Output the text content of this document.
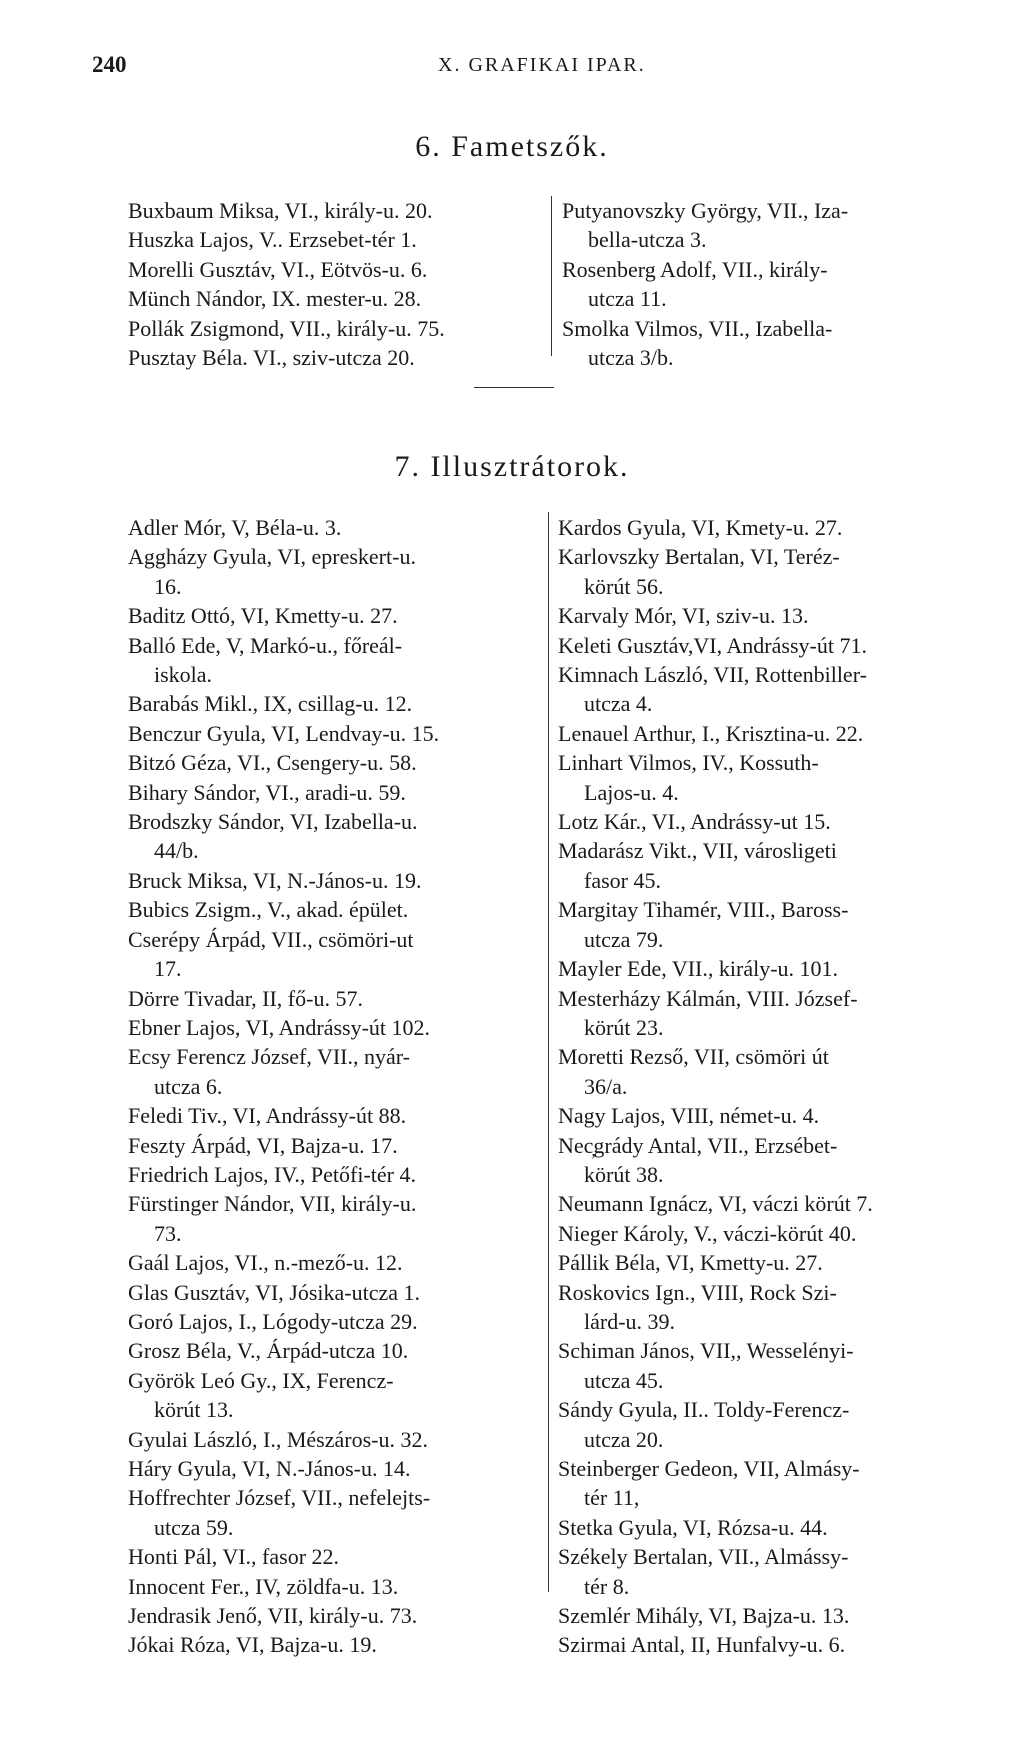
240	X. GRAFIKAI IPAR.
6. Fametszők.
Buxbaum Miksa, VI., király-u. 20.
Huszka Lajos, V.. Erzsebet-tér 1.
Morelli Gusztáv, VI., Eötvös-u. 6.
Münch Nándor, IX. mester-u. 28.
Pollák Zsigmond, VII., király-u. 75.
Pusztay Béla. VI., sziv-utcza 20.
Putyanovszky György, VII., Iza-
bella-utcza 3.
Rosenberg Adolf, VII., király-
utcza 11.
Smolka Vilmos, VII., Izabella-
utcza 3/b.
7. Illusztrátorok.
Adler Mór, V, Béla-u. 3.
Aggházy Gyula, VI, epreskert-u.
16.
Baditz Ottó, VI, Kmetty-u. 27.
Balló Ede, V, Markó-u., főreál-
iskola.
Barabás Mikl., IX, csillag-u. 12.
Benczur Gyula, VI, Lendvay-u. 15.
Bitzó Géza, VI., Csengery-u. 58.
Bihary Sándor, VI., aradi-u. 59.
Brodszky Sándor, VI, Izabella-u.
44/b.
Bruck Miksa, VI, N.-János-u. 19.
Bubics Zsigm., V., akad. épület.
Cserépy Árpád, VII., csömöri-ut
17.
Dörre Tivadar, II, fő-u. 57.
Ebner Lajos, VI, Andrássy-út 102.
Ecsy Ferencz József, VII., nyár-
utcza 6.
Feledi Tiv., VI, Andrássy-út 88.
Feszty Árpád, VI, Bajza-u. 17.
Friedrich Lajos, IV., Petőfi-tér 4.
Fürstinger Nándor, VII, király-u.
73.
Gaál Lajos, VI., n.-mező-u. 12.
Glas Gusztáv, VI, Jósika-utcza 1.
Goró Lajos, I., Lógody-utcza 29.
Grosz Béla, V., Árpád-utcza 10.
Györök Leó Gy., IX, Ferencz-
körút 13.
Gyulai László, I., Mészáros-u. 32.
Háry Gyula, VI, N.-János-u. 14.
Hoffrechter József, VII., nefelejts-
utcza 59.
Honti Pál, VI., fasor 22.
Innocent Fer., IV, zöldfa-u. 13.
Jendrasik Jenő, VII, király-u. 73.
Jókai Róza, VI, Bajza-u. 19.
Kardos Gyula, VI, Kmety-u. 27.
Karlovszky Bertalan, VI, Teréz-
körút 56.
Karvaly Mór, VI, sziv-u. 13.
Keleti Gusztáv,VI, Andrássy-út 71.
Kimnach László, VII, Rottenbiller-
utcza 4.
Lenauel Arthur, I., Krisztina-u. 22.
Linhart Vilmos, IV., Kossuth-
Lajos-u. 4.
Lotz Kár., VI., Andrássy-ut 15.
Madarász Vikt., VII, városligeti
fasor 45.
Margitay Tihamér, VIII., Baross-
utcza 79.
Mayler Ede, VII., király-u. 101.
Mesterházy Kálmán, VIII. József-
körút 23.
Moretti Rezső, VII, csömöri út
36/a.
Nagy Lajos, VIII, német-u. 4.
Nec̦grády Antal, VII., Erzsébet-
körút 38.
Neumann Ignácz, VI, váczi körút 7.
Nieger Károly, V., váczi-körút 40.
Pállik Béla, VI, Kmetty-u. 27.
Roskovics Ign., VIII, Rock Szi-
lárd-u. 39.
Schiman János, VII,, Wesselényi-
utcza 45.
Sándy Gyula, II.. Toldy-Ferencz-
utcza 20.
Steinberger Gedeon, VII, Almásy-
tér 11,
Stetka Gyula, VI, Rózsa-u. 44.
Székely Bertalan, VII., Almássy-
tér 8.
Szemlér Mihály, VI, Bajza-u. 13.
Szirmai Antal, II, Hunfalvy-u. 6.
